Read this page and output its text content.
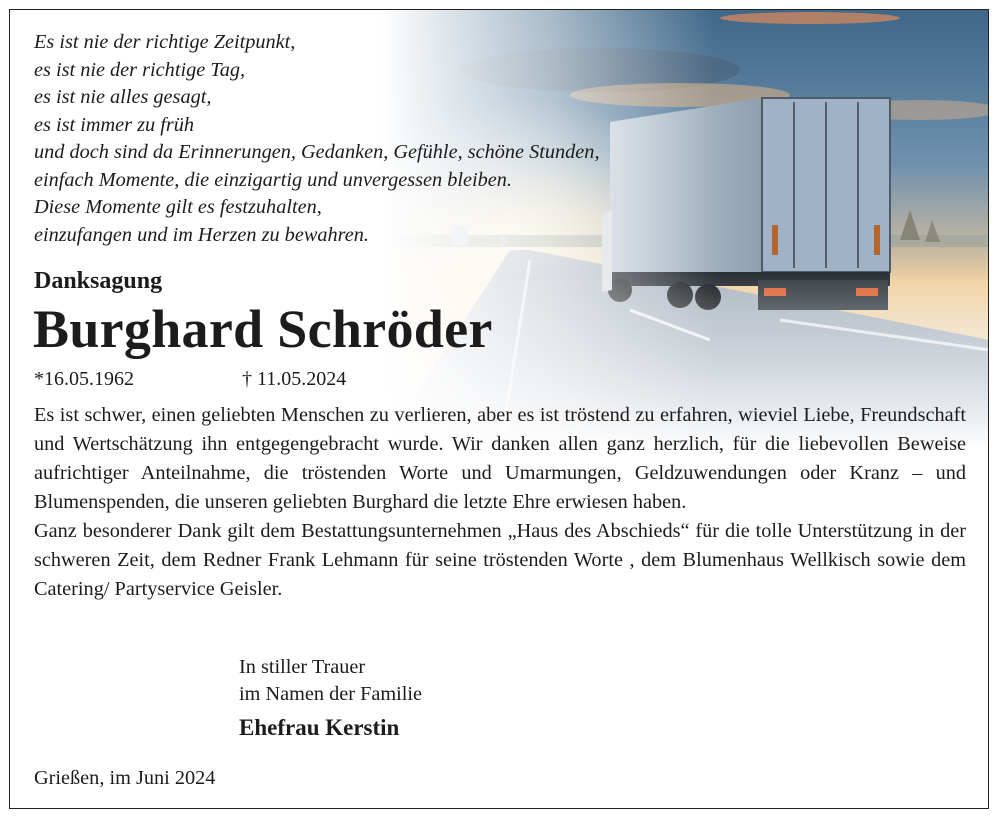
Es ist nie der richtige Zeitpunkt,
es ist nie der richtige Tag,
es ist nie alles gesagt,
es ist immer zu früh
und doch sind da Erinnerungen, Gedanken, Gefühle, schöne Stunden,
einfach Momente, die einzigartig und unvergessen bleiben.
Diese Momente gilt es festzuhalten,
einzufangen und im Herzen zu bewahren.
Danksagung
Burghard Schröder
*16.05.1962	† 11.05.2024

Es ist schwer, einen geliebten Menschen zu verlieren, aber es ist tröstend zu erfahren, wieviel Liebe, Freundschaft und Wertschätzung ihn entgegengebracht wurde. Wir danken allen ganz herzlich, für die liebevollen Beweise aufrichtiger Anteilnahme, die tröstenden Worte und Umarmungen, Geldzuwendungen oder Kranz – und Blumenspenden, die unseren geliebten Burghard die letzte Ehre erwiesen haben.

Ganz besonderer Dank gilt dem Bestattungsunternehmen „Haus des Abschieds“ für die tolle Unterstützung in der schweren Zeit, dem Redner Frank Lehmann für seine tröstenden Worte , dem Blumenhaus Wellkisch sowie dem Catering/ Partyservice Geisler.

In stiller Trauer
im Namen der Familie
Ehefrau Kerstin
Grießen, im Juni 2024
